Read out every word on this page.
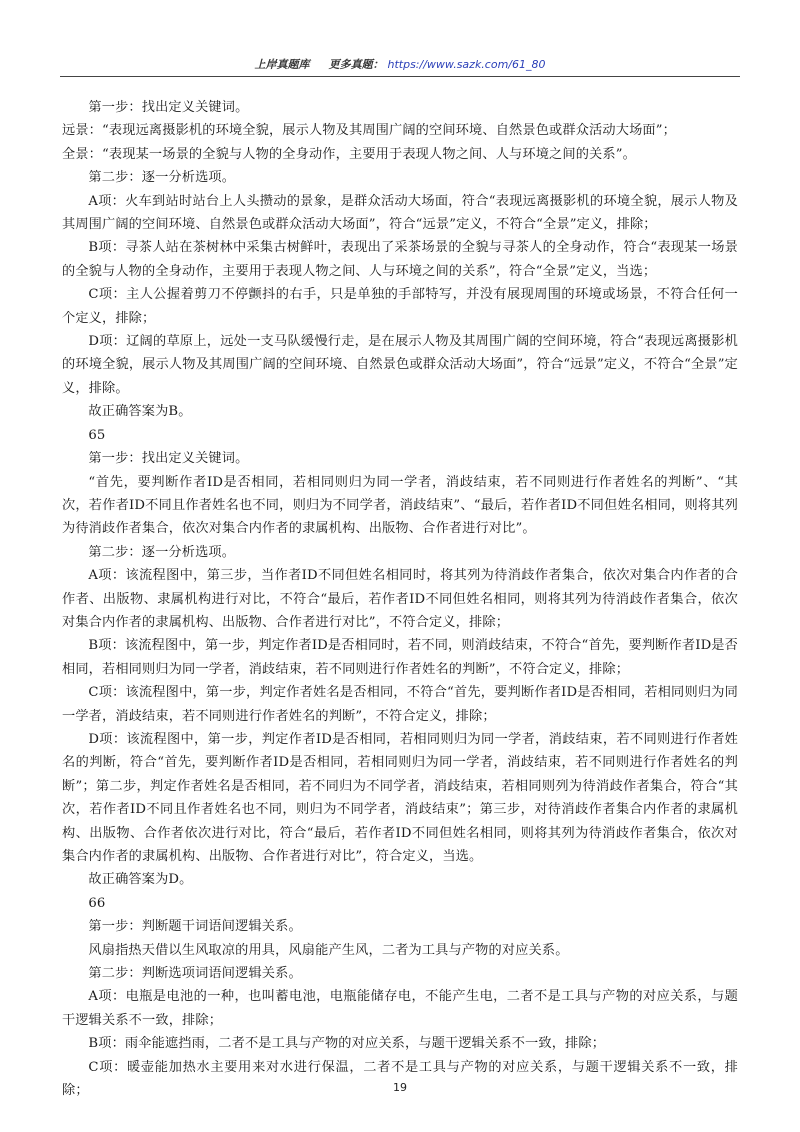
上岸真题库 更多真题： https://www.sazk.com/61_80

第一步：找出定义关键词。

远景：“表现远离摄影机的环境全貌，展示人物及其周围广阔的空间环境、自然景色或群众活动大场面”；

全景：“表现某一场景的全貌与人物的全身动作，主要用于表现人物之间、人与环境之间的关系”。

第二步：逐一分析选项。

A项：火车到站时站台上人头攒动的景象，是群众活动大场面，符合“表现远离摄影机的环境全貌，展示人物及其周围广阔的空间环境、自然景色或群众活动大场面”，符合“远景”定义，不符合“全景”定义，排除；

B项：寻茶人站在茶树林中采集古树鲜叶，表现出了采茶场景的全貌与寻茶人的全身动作，符合“表现某一场景的全貌与人物的全身动作，主要用于表现人物之间、人与环境之间的关系”，符合“全景”定义，当选；

C项：主人公握着剪刀不停颤抖的右手，只是单独的手部特写，并没有展现周围的环境或场景，不符合任何一个定义，排除；

D项：辽阔的草原上，远处一支马队缓慢行走，是在展示人物及其周围广阔的空间环境，符合“表现远离摄影机的环境全貌，展示人物及其周围广阔的空间环境、自然景色或群众活动大场面”，符合“远景”定义，不符合“全景”定义，排除。

故正确答案为B。

65

第一步：找出定义关键词。

“首先，要判断作者ID是否相同，若相同则归为同一学者，消歧结束，若不同则进行作者姓名的判断”、“其次，若作者ID不同且作者姓名也不同，则归为不同学者，消歧结束”、“最后，若作者ID不同但姓名相同，则将其列为待消歧作者集合，依次对集合内作者的隶属机构、出版物、合作者进行对比”。

第二步：逐一分析选项。

A项：该流程图中，第三步，当作者ID不同但姓名相同时，将其列为待消歧作者集合，依次对集合内作者的合作者、出版物、隶属机构进行对比，不符合“最后，若作者ID不同但姓名相同，则将其列为待消歧作者集合，依次对集合内作者的隶属机构、出版物、合作者进行对比”，不符合定义，排除；

B项：该流程图中，第一步，判定作者ID是否相同时，若不同，则消歧结束，不符合“首先，要判断作者ID是否相同，若相同则归为同一学者，消歧结束，若不同则进行作者姓名的判断”，不符合定义，排除；

C项：该流程图中，第一步，判定作者姓名是否相同，不符合“首先，要判断作者ID是否相同，若相同则归为同一学者，消歧结束，若不同则进行作者姓名的判断”，不符合定义，排除；

D项：该流程图中，第一步，判定作者ID是否相同，若相同则归为同一学者，消歧结束，若不同则进行作者姓名的判断，符合“首先，要判断作者ID是否相同，若相同则归为同一学者，消歧结束，若不同则进行作者姓名的判断”；第二步，判定作者姓名是否相同，若不同归为不同学者，消歧结束，若相同则列为待消歧作者集合，符合“其次，若作者ID不同且作者姓名也不同，则归为不同学者，消歧结束”；第三步，对待消歧作者集合内作者的隶属机构、出版物、合作者依次进行对比，符合“最后，若作者ID不同但姓名相同，则将其列为待消歧作者集合，依次对集合内作者的隶属机构、出版物、合作者进行对比”，符合定义，当选。

故正确答案为D。

66

第一步：判断题干词语间逻辑关系。

风扇指热天借以生风取凉的用具，风扇能产生风，二者为工具与产物的对应关系。

第二步：判断选项词语间逻辑关系。

A项：电瓶是电池的一种，也叫蓄电池，电瓶能储存电，不能产生电，二者不是工具与产物的对应关系，与题干逻辑关系不一致，排除；

B项：雨伞能遮挡雨，二者不是工具与产物的对应关系，与题干逻辑关系不一致，排除；

C项：暖壶能加热水主要用来对水进行保温，二者不是工具与产物的对应关系，与题干逻辑关系不一致，排除；	19
